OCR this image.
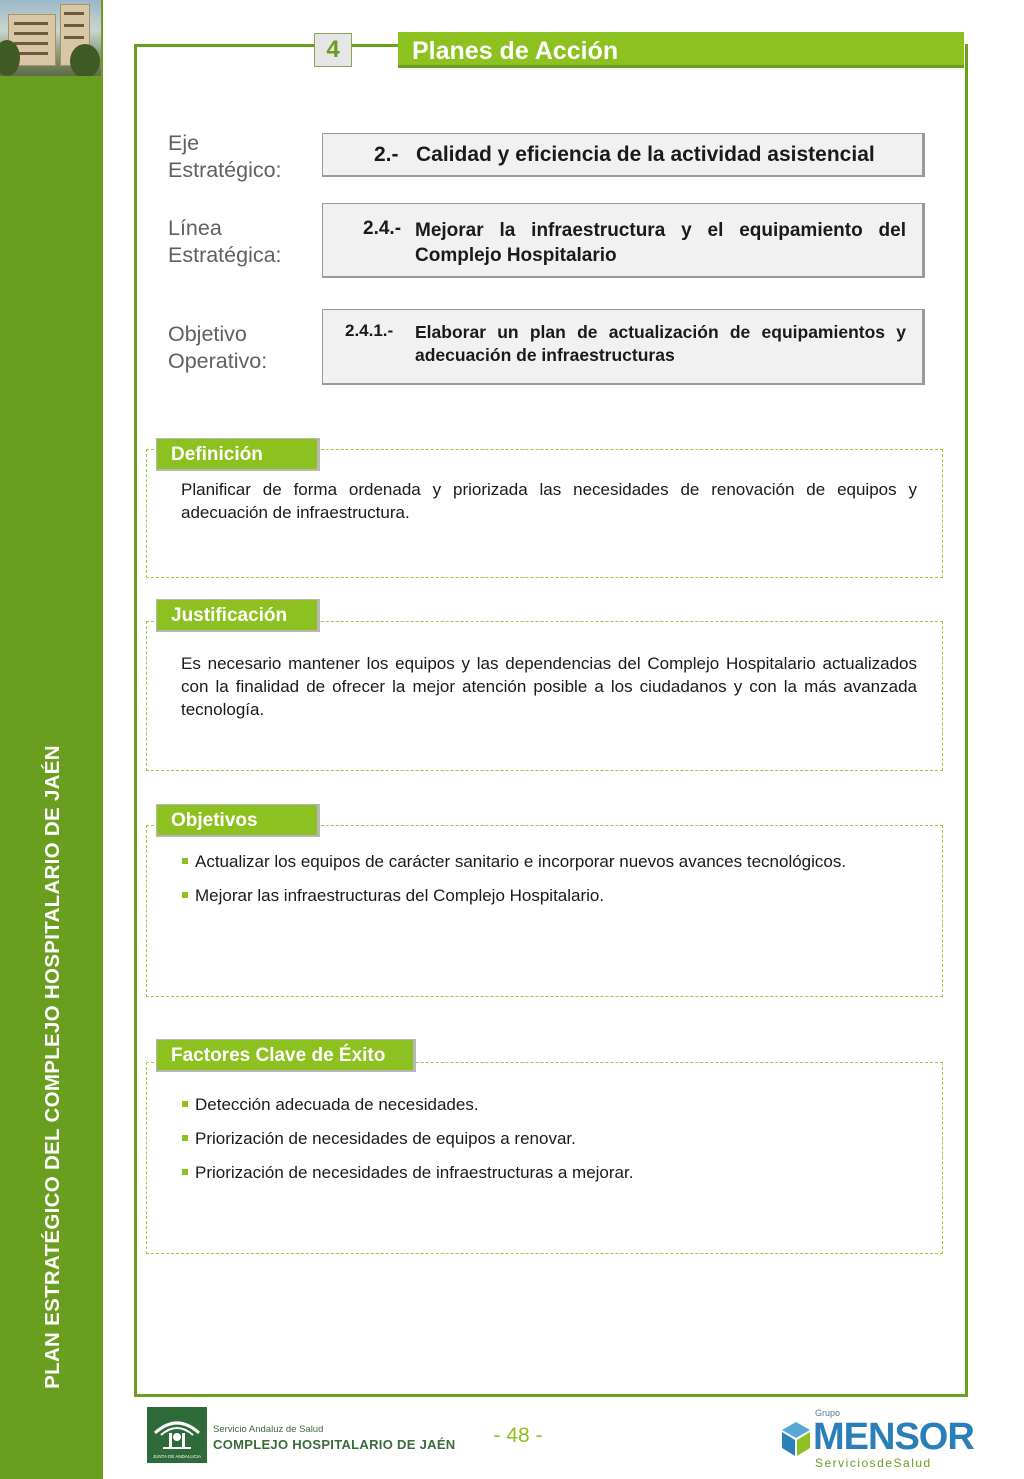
PLAN ESTRATÉGICO DEL COMPLEJO HOSPITALARIO DE JAÉN
4	Planes de Acción
Eje
Estratégico:
2.- Calidad y eficiencia de la actividad asistencial
Línea
Estratégica:
2.4.- Mejorar la infraestructura y el equipamiento del Complejo Hospitalario
Objetivo
Operativo:
2.4.1.- Elaborar un plan de actualización de equipamientos y adecuación de infraestructuras
Definición
Planificar de forma ordenada y priorizada las necesidades de renovación de equipos y adecuación de infraestructura.
Justificación
Es necesario mantener los equipos y las dependencias del Complejo Hospitalario actualizados con la finalidad de ofrecer la mejor atención posible a los ciudadanos y con la más avanzada tecnología.
Objetivos
Actualizar los equipos de carácter sanitario e incorporar nuevos avances tecnológicos.
Mejorar las infraestructuras del Complejo Hospitalario.
Factores Clave de Éxito
Detección adecuada de necesidades.
Priorización de necesidades de equipos a renovar.
Priorización de necesidades de infraestructuras a mejorar.
JUNTA DE ANDALUCIA
Servicio Andaluz de Salud
COMPLEJO HOSPITALARIO DE JAÉN	- 48 -
Grupo
MENSOR
ServiciosdeSalud
